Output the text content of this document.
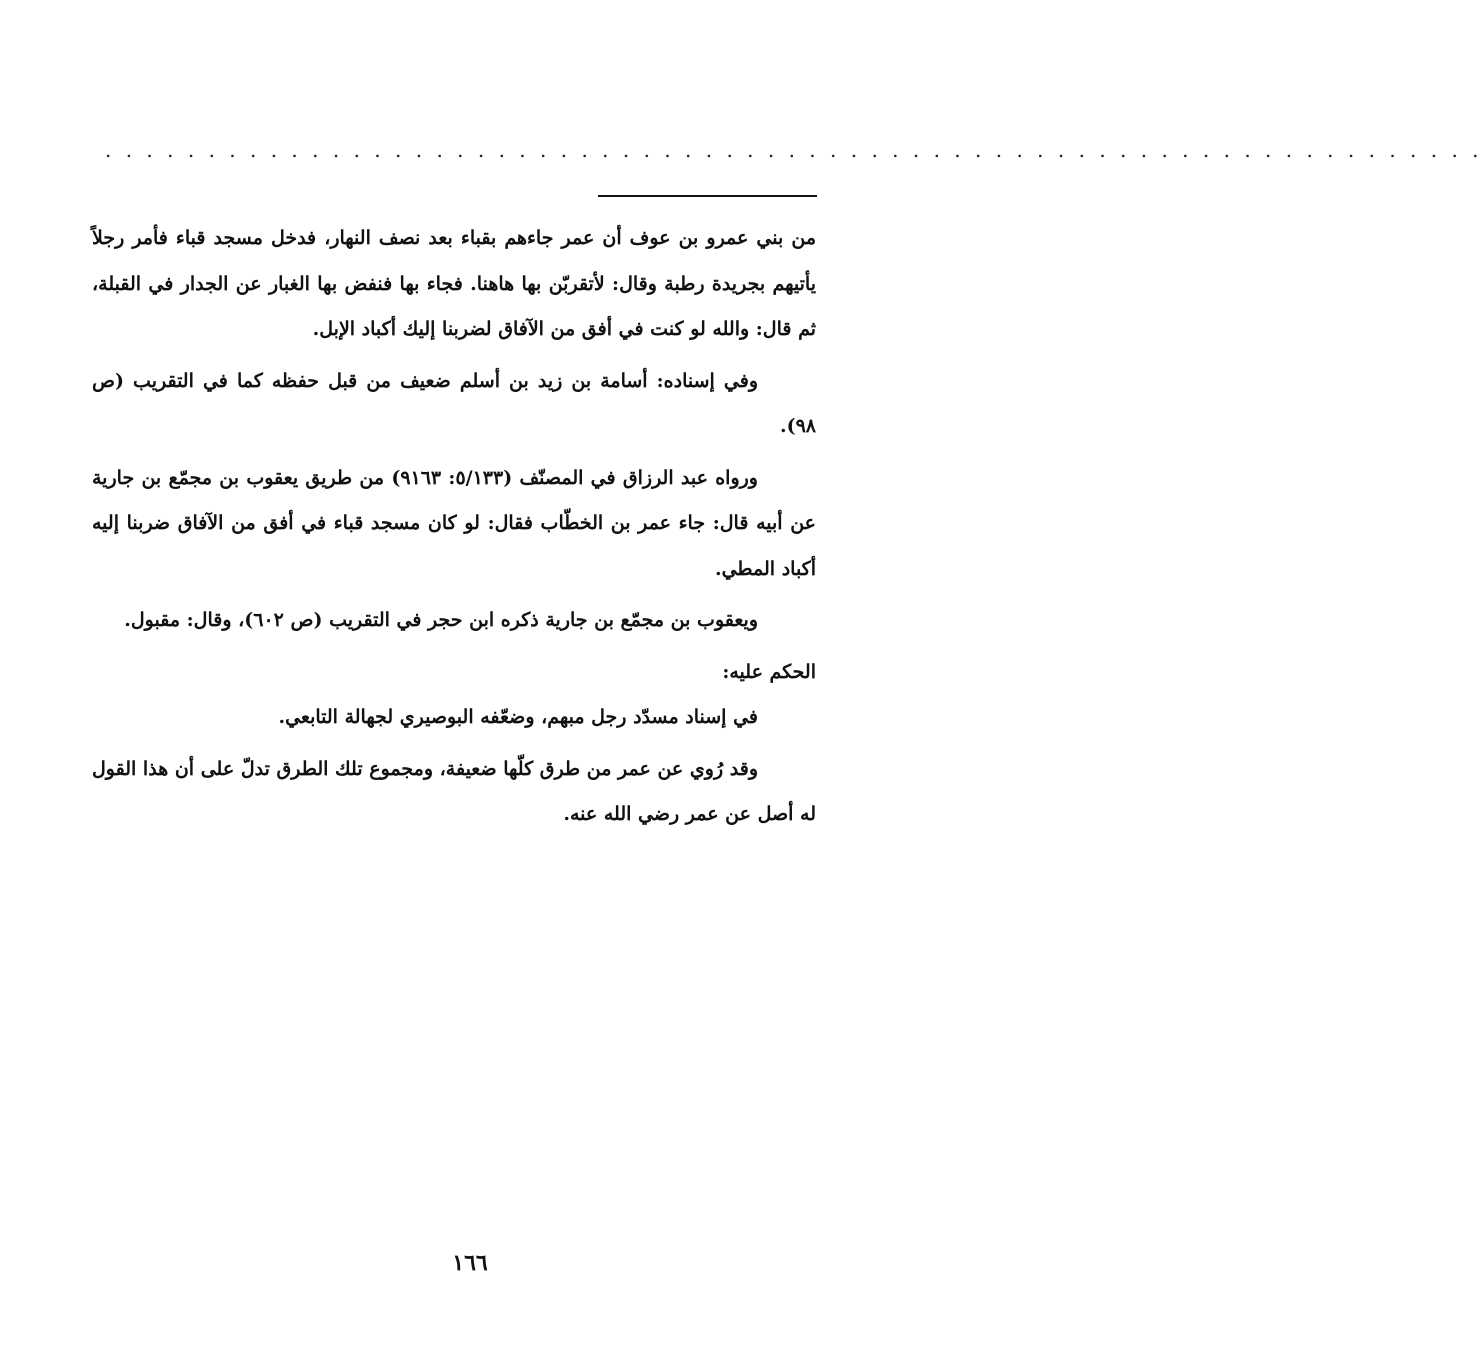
. . . . . . . . . . . . . . . . . . . . . . . . . . . . . . . . . . . . . . . . . . . . . . . . . . . . . . . . . . . . . . . . . . .

من بني عمرو بن عوف أن عمر جاءهم بقباء بعد نصف النهار، فدخل مسجد قباء فأمر رجلاً يأتيهم بجريدة رطبة وقال: لأتقربّن بها هاهنا. فجاء بها فنفض بها الغبار عن الجدار في القبلة، ثم قال: والله لو كنت في أفق من الآفاق لضربنا إليك أكباد الإبل.

وفي إسناده: أسامة بن زيد بن أسلم ضعيف من قبل حفظه كما في التقريب (ص ٩٨).

ورواه عبد الرزاق في المصنّف (٥/١٣٣: ٩١٦٣) من طريق يعقوب بن مجمّع بن جارية عن أبيه قال: جاء عمر بن الخطّاب فقال: لو كان مسجد قباء في أفق من الآفاق ضربنا إليه أكباد المطي.

ويعقوب بن مجمّع بن جارية ذكره ابن حجر في التقريب (ص ٦٠٢)، وقال: مقبول.

الحكم عليه:

في إسناد مسدّد رجل مبهم، وضعّفه البوصيري لجهالة التابعي.

وقد رُوي عن عمر من طرق كلّها ضعيفة، ومجموع تلك الطرق تدلّ على أن هذا القول له أصل عن عمر رضي الله عنه.

١٦٦
